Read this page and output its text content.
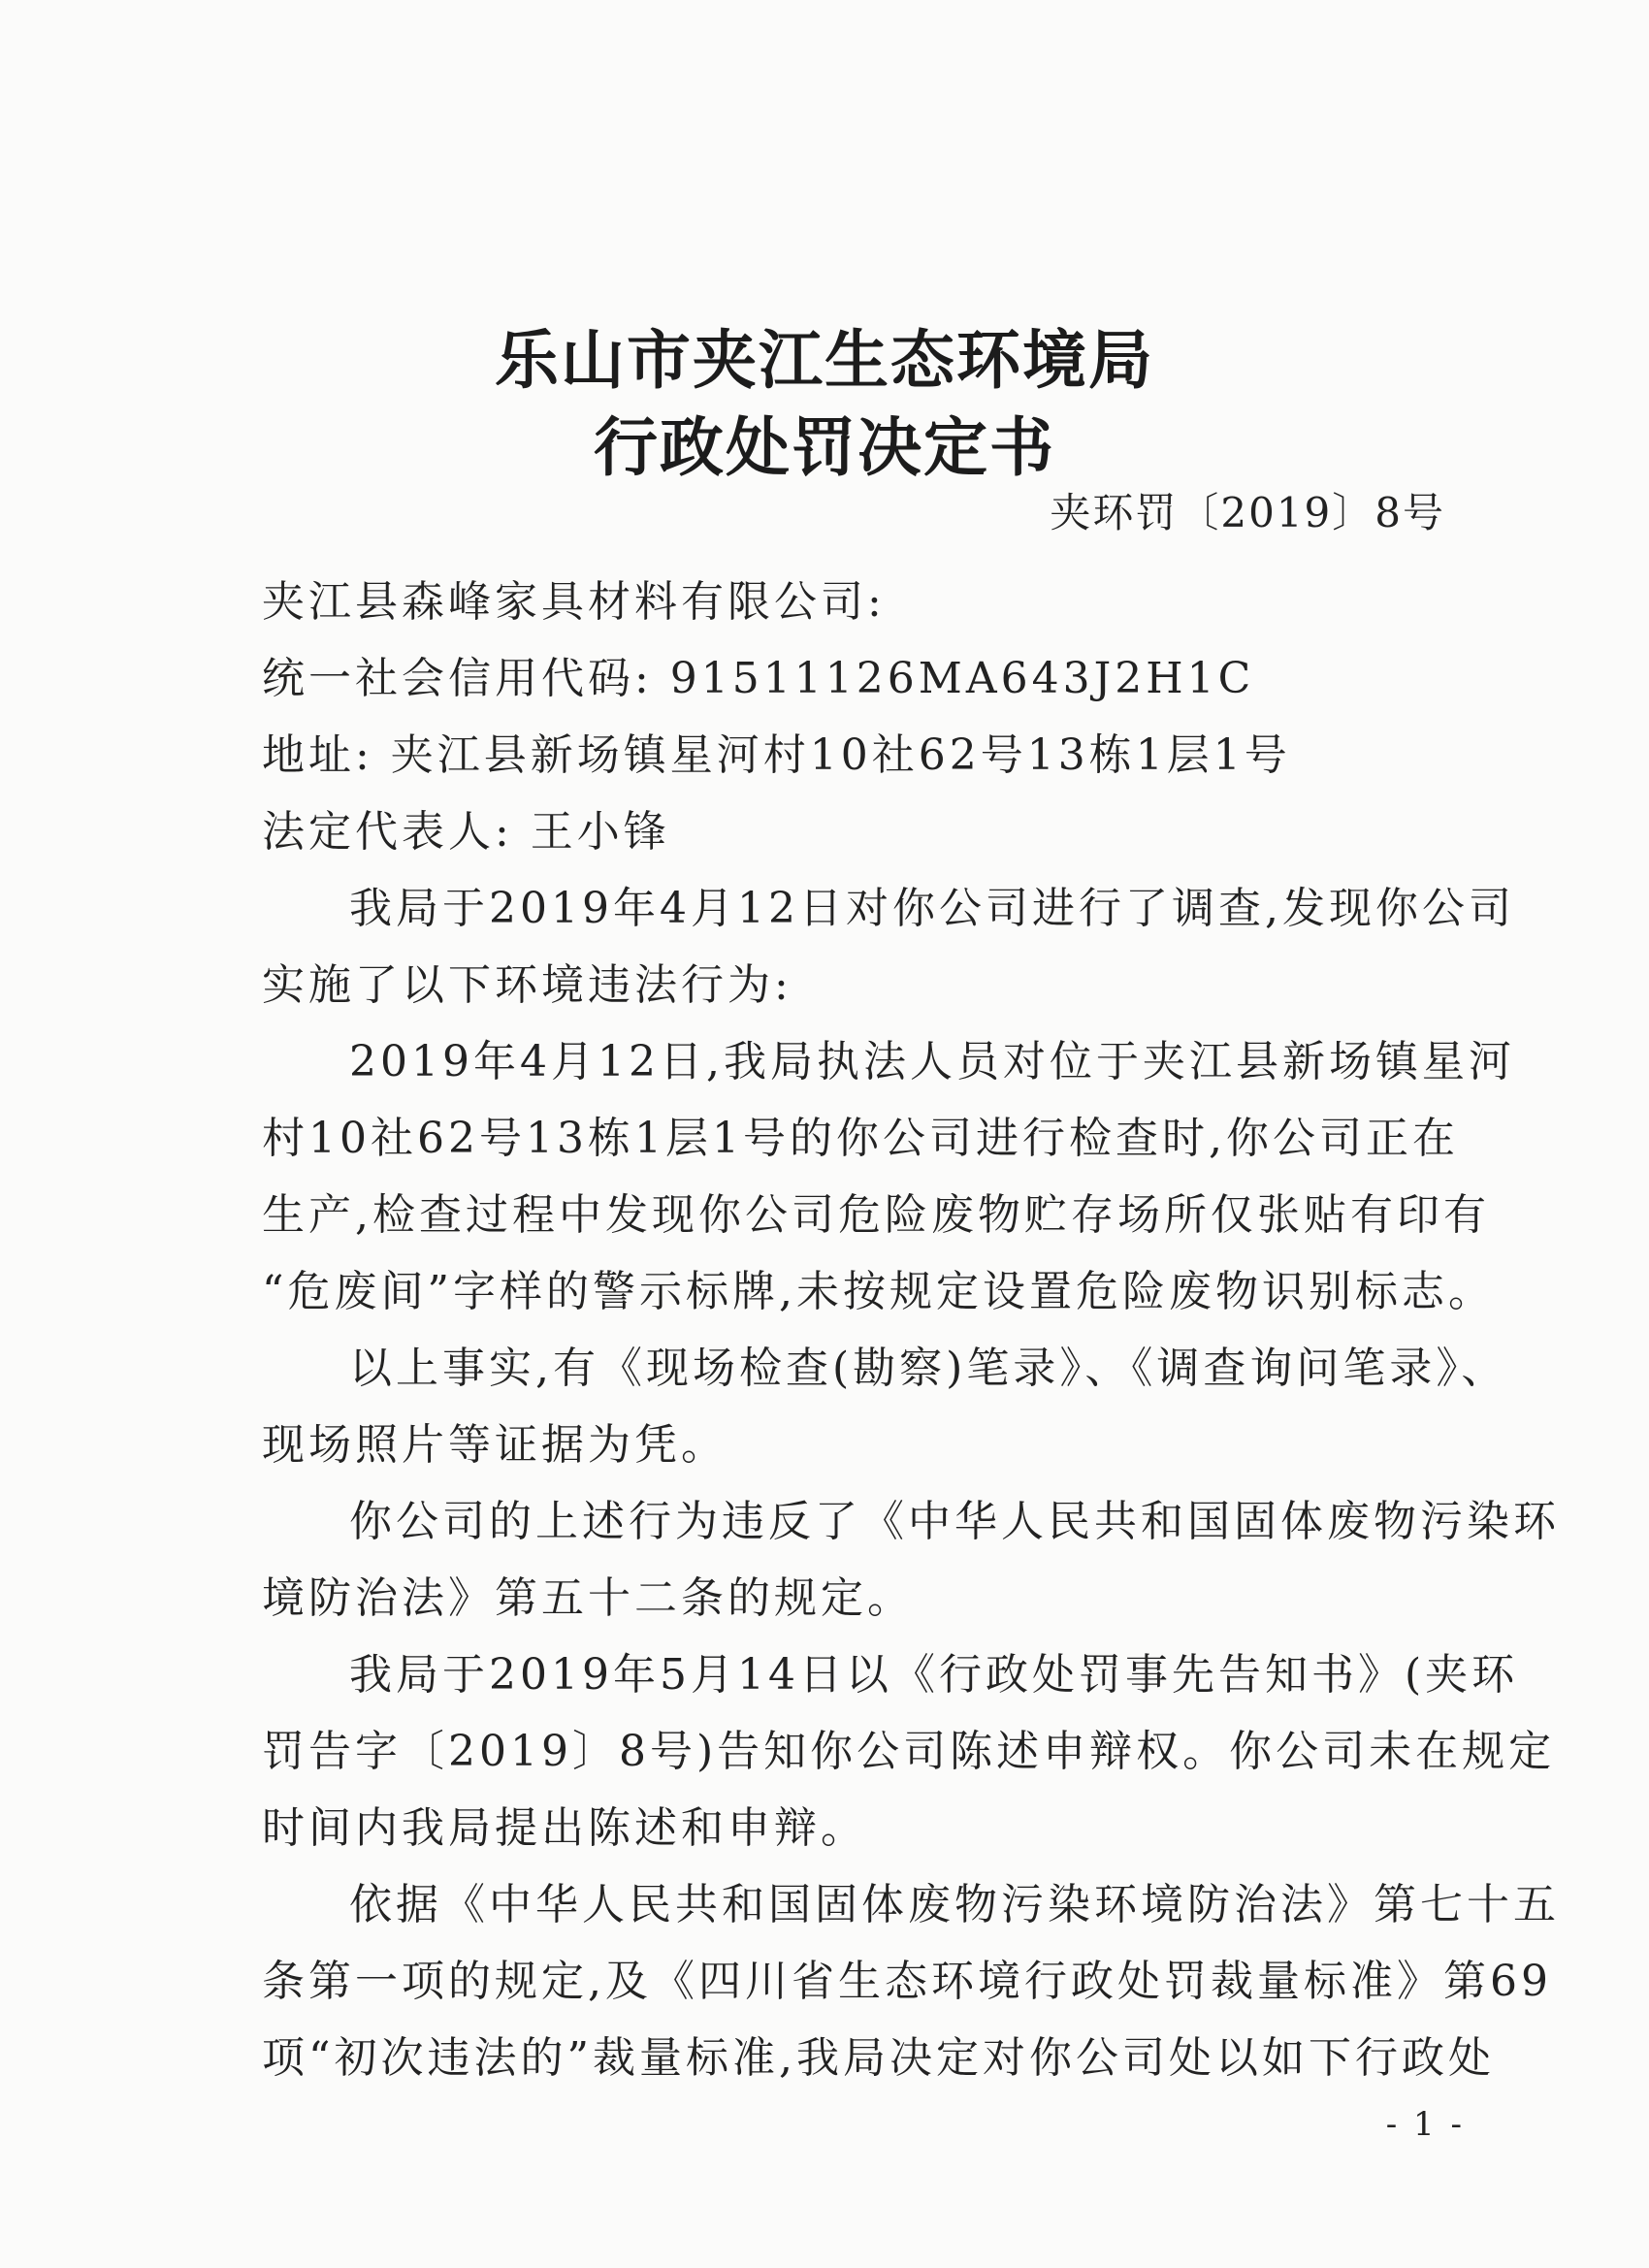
乐山市夹江生态环境局
行政处罚决定书
夹环罚〔2019〕8号
夹江县森峰家具材料有限公司:
统一社会信用代码: 91511126MA643J2H1C
地址: 夹江县新场镇星河村10社62号13栋1层1号
法定代表人: 王小锋
我局于2019年4月12日对你公司进行了调查,发现你公司
实施了以下环境违法行为:
2019年4月12日,我局执法人员对位于夹江县新场镇星河
村10社62号13栋1层1号的你公司进行检查时,你公司正在
生产,检查过程中发现你公司危险废物贮存场所仅张贴有印有
“危废间”字样的警示标牌,未按规定设置危险废物识别标志。
以上事实,有《现场检查(勘察)笔录》、《调查询问笔录》、
现场照片等证据为凭。
你公司的上述行为违反了《中华人民共和国固体废物污染环
境防治法》第五十二条的规定。
我局于2019年5月14日以《行政处罚事先告知书》(夹环
罚告字〔2019〕8号)告知你公司陈述申辩权。你公司未在规定
时间内我局提出陈述和申辩。
依据《中华人民共和国固体废物污染环境防治法》第七十五
条第一项的规定,及《四川省生态环境行政处罚裁量标准》第69
项“初次违法的”裁量标准,我局决定对你公司处以如下行政处
- 1 -
